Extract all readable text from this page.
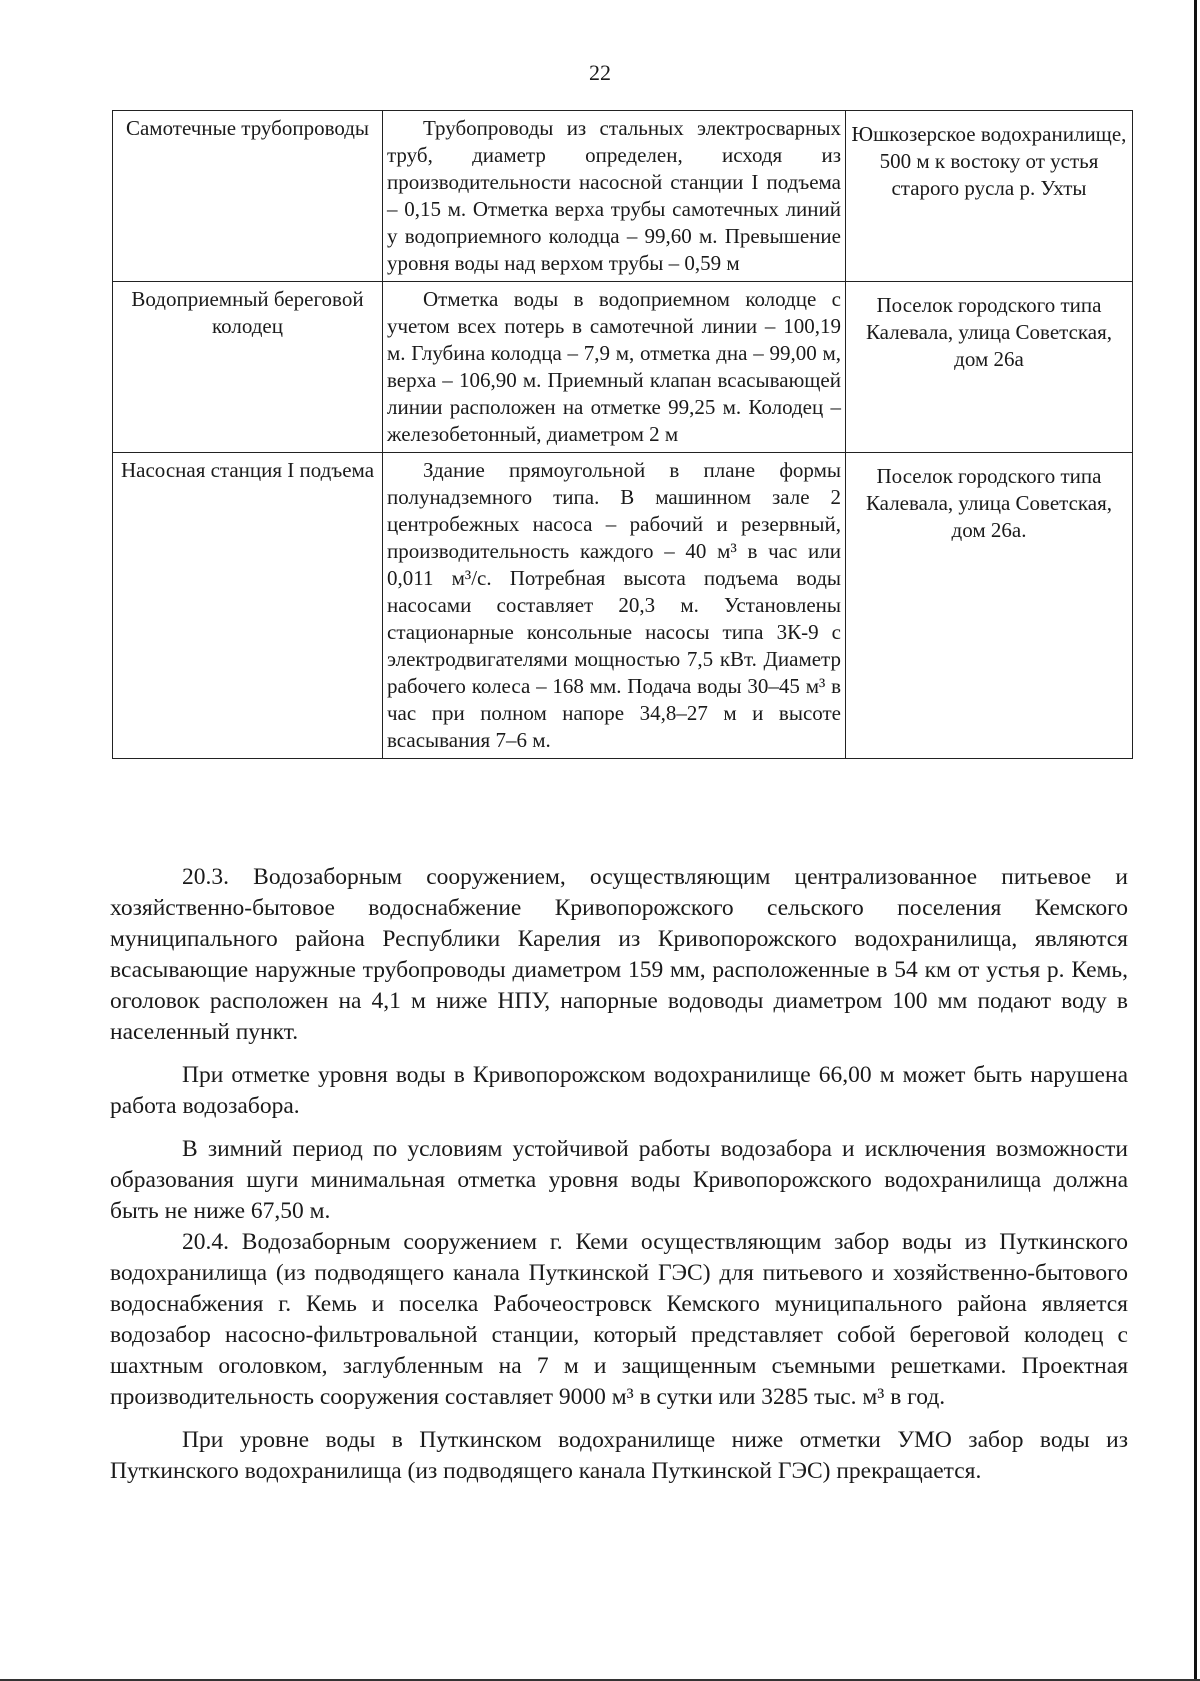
22
Самотечные трубопроводы	Трубопроводы из стальных электросварных труб, диаметр определен, исходя из производительности насосной станции I подъема – 0,15 м. Отметка верха трубы самотечных линий у водоприемного колодца – 99,60 м. Превышение уровня воды над верхом трубы – 0,59 м	Юшкозерское водохранилище, 500 м к востоку от устья старого русла р. Ухты
Водоприемный береговой колодец	Отметка воды в водоприемном колодце с учетом всех потерь в самотечной линии – 100,19 м. Глубина колодца – 7,9 м, отметка дна – 99,00 м, верха – 106,90 м. Приемный клапан всасывающей линии расположен на отметке 99,25 м. Колодец – железобетонный, диаметром 2 м	Поселок городского типа Калевала, улица Советская, дом 26а
Насосная станция I подъема	Здание прямоугольной в плане формы полунадземного типа. В машинном зале 2 центробежных насоса – рабочий и резервный, производительность каждого – 40 м³ в час или 0,011 м³/с. Потребная высота подъема воды насосами составляет 20,3 м. Установлены стационарные консольные насосы типа 3К-9 с электродвигателями мощностью 7,5 кВт. Диаметр рабочего колеса – 168 мм. Подача воды 30–45 м³ в час при полном напоре 34,8–27 м и высоте всасывания 7–6 м.	Поселок городского типа Калевала, улица Советская, дом 26а.

20.3. Водозаборным сооружением, осуществляющим централизованное питьевое и хозяйственно-бытовое водоснабжение Кривопорожского сельского поселения Кемского муниципального района Республики Карелия из Кривопорожского водохранилища, являются всасывающие наружные трубопроводы диаметром 159 мм, расположенные в 54 км от устья р. Кемь, оголовок расположен на 4,1 м ниже НПУ, напорные водоводы диаметром 100 мм подают воду в населенный пункт.

При отметке уровня воды в Кривопорожском водохранилище 66,00 м может быть нарушена работа водозабора.

В зимний период по условиям устойчивой работы водозабора и исключения возможности образования шуги минимальная отметка уровня воды Кривопорожского водохранилища должна быть не ниже 67,50 м.

20.4. Водозаборным сооружением г. Кеми осуществляющим забор воды из Путкинского водохранилища (из подводящего канала Путкинской ГЭС) для питьевого и хозяйственно-бытового водоснабжения г. Кемь и поселка Рабочеостровск Кемского муниципального района является водозабор насосно-фильтровальной станции, который представляет собой береговой колодец с шахтным оголовком, заглубленным на 7 м и защищенным съемными решетками. Проектная производительность сооружения составляет 9000 м³ в сутки или 3285 тыс. м³ в год.

При уровне воды в Путкинском водохранилище ниже отметки УМО забор воды из Путкинского водохранилища (из подводящего канала Путкинской ГЭС) прекращается.
